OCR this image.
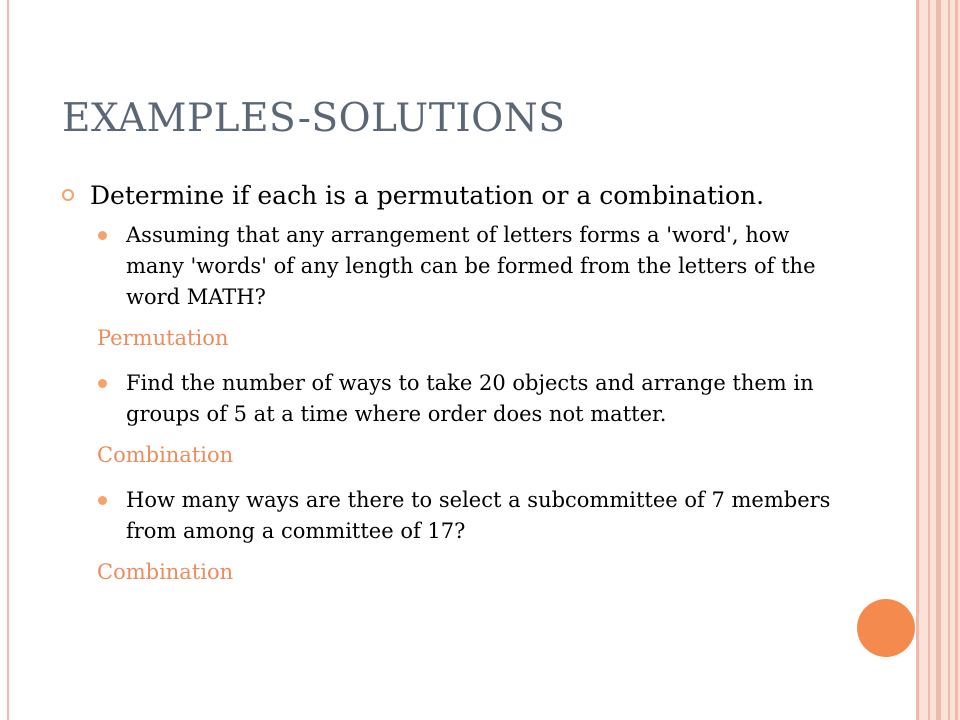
EXAMPLES-SOLUTIONS
Determine if each is a permutation or a combination.
Assuming that any arrangement of letters forms a 'word', how many 'words' of any length can be formed from the letters of the word MATH?
Permutation
Find the number of ways to take 20 objects and arrange them in groups of 5 at a time where order does not matter.
Combination
How many ways are there to select a subcommittee of 7 members from among a committee of 17?
Combination
